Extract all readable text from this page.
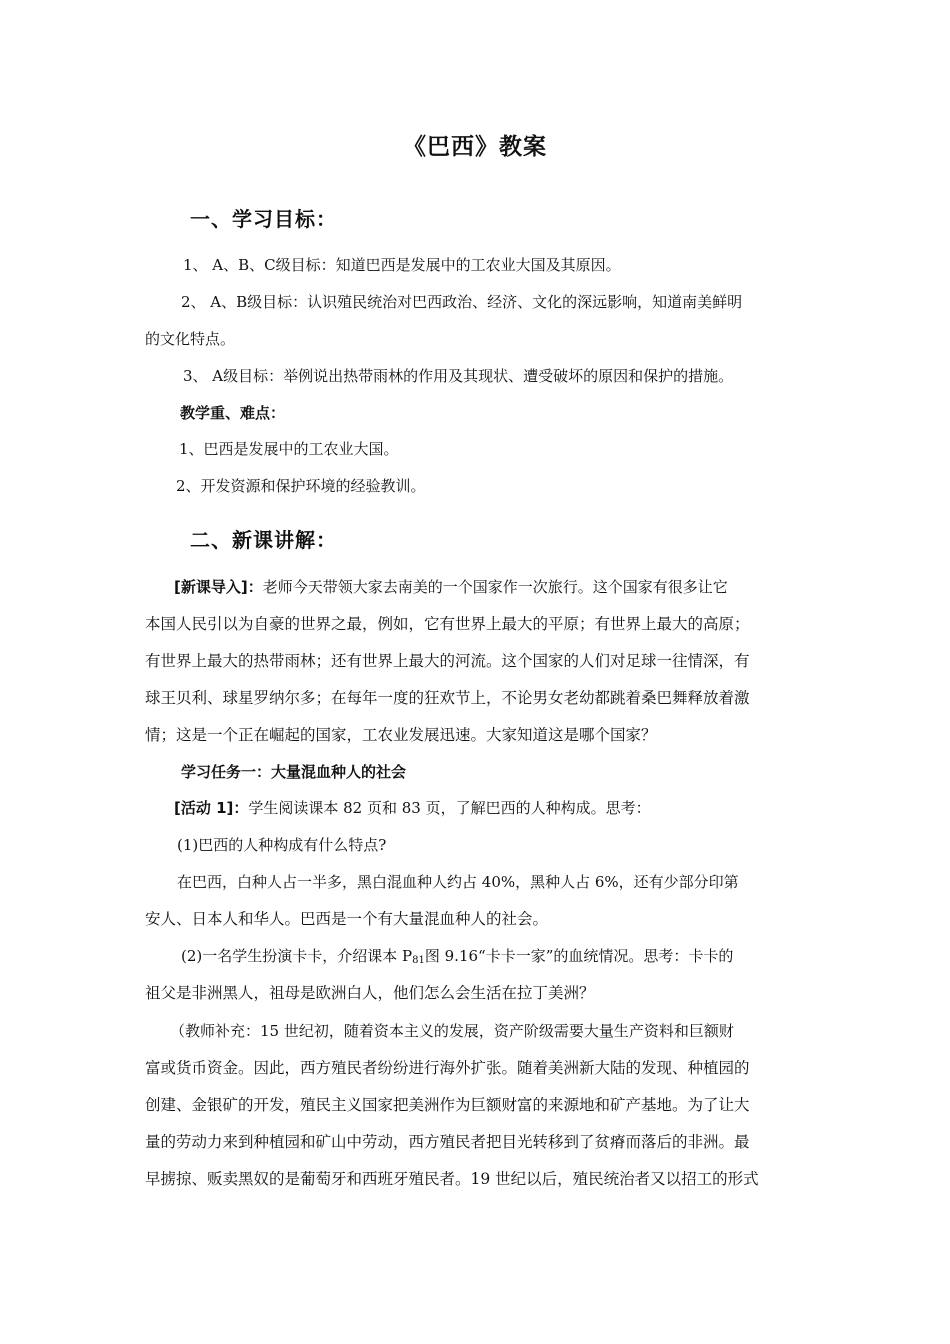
《巴西》教案
一、学习目标：
1、 A、B、C级目标：知道巴西是发展中的工农业大国及其原因。
2、 A、B级目标：认识殖民统治对巴西政治、经济、文化的深远影响，知道南美鲜明
的文化特点。
3、 A级目标：举例说出热带雨林的作用及其现状、遭受破坏的原因和保护的措施。
教学重、难点：
1、巴西是发展中的工农业大国。
2、开发资源和保护环境的经验教训。
二、新课讲解：
[新课导入]：老师今天带领大家去南美的一个国家作一次旅行。这个国家有很多让它
本国人民引以为自豪的世界之最，例如，它有世界上最大的平原；有世界上最大的高原；
有世界上最大的热带雨林；还有世界上最大的河流。这个国家的人们对足球一往情深，有
球王贝利、球星罗纳尔多；在每年一度的狂欢节上，不论男女老幼都跳着桑巴舞释放着激
情；这是一个正在崛起的国家，工农业发展迅速。大家知道这是哪个国家？
学习任务一：大量混血种人的社会
[活动 1]：学生阅读课本 82 页和 83 页，了解巴西的人种构成。思考：
(1)巴西的人种构成有什么特点?
在巴西，白种人占一半多，黑白混血种人约占 40%，黑种人占 6%，还有少部分印第
安人、日本人和华人。巴西是一个有大量混血种人的社会。
(2)一名学生扮演卡卡，介绍课本 $P_{81}$图 9.16“卡卡一家”的血统情况。思考：卡卡的
祖父是非洲黑人，祖母是欧洲白人，他们怎么会生活在拉丁美洲？
（教师补充：15 世纪初，随着资本主义的发展，资产阶级需要大量生产资料和巨额财
富或货币资金。因此，西方殖民者纷纷进行海外扩张。随着美洲新大陆的发现、种植园的
创建、金银矿的开发，殖民主义国家把美洲作为巨额财富的来源地和矿产基地。为了让大
量的劳动力来到种植园和矿山中劳动，西方殖民者把目光转移到了贫瘠而落后的非洲。最
早掳掠、贩卖黑奴的是葡萄牙和西班牙殖民者。19 世纪以后，殖民统治者又以招工的形式
